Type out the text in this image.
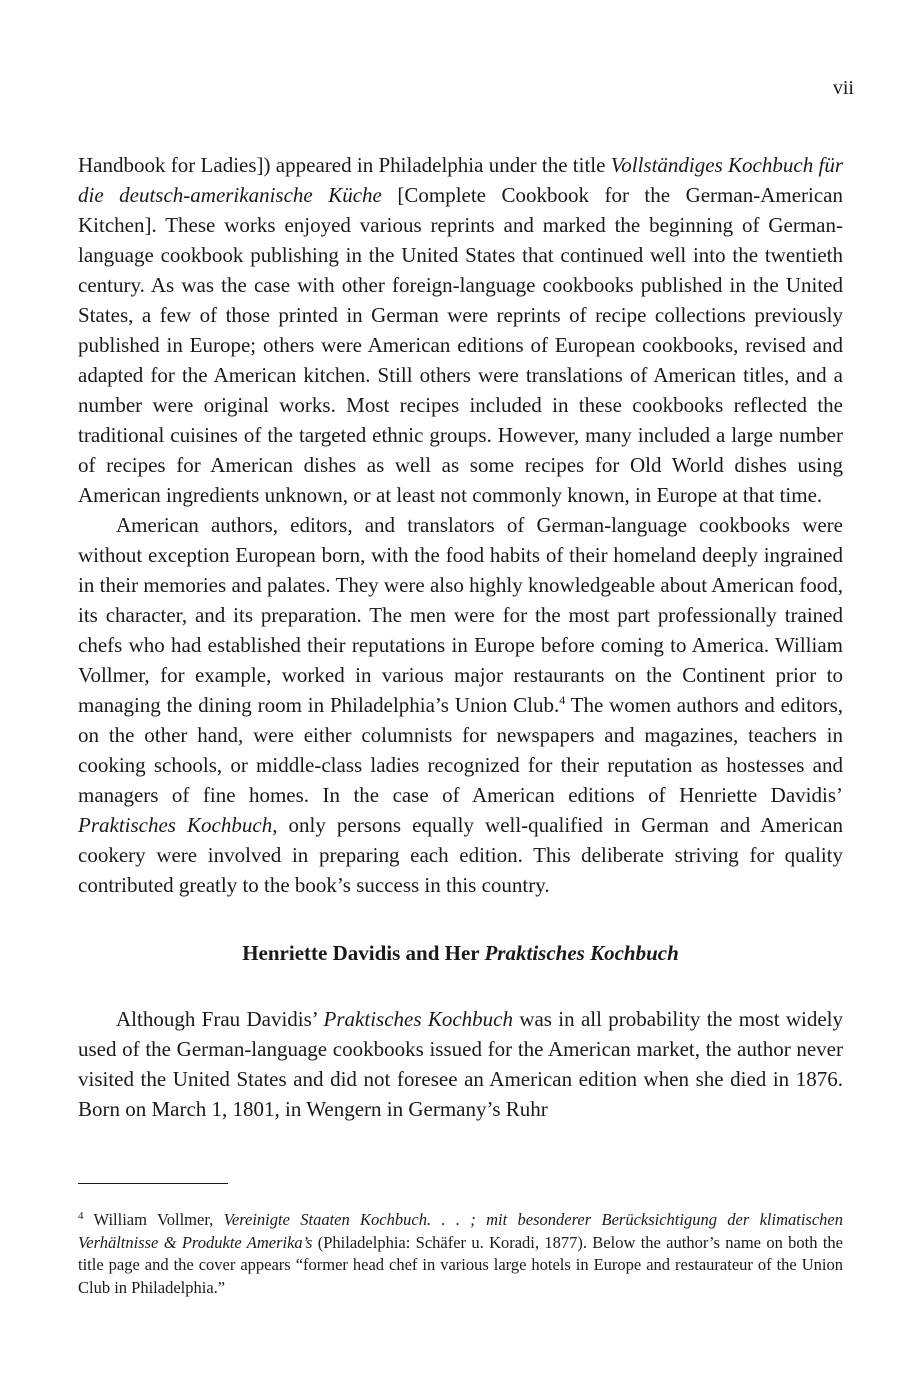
vii

Handbook for Ladies]) appeared in Philadelphia under the title Vollständiges Kochbuch für die deutsch-amerikanische Küche [Complete Cookbook for the German-American Kitchen]. These works enjoyed various reprints and marked the beginning of German-language cookbook publishing in the United States that continued well into the twentieth century. As was the case with other foreign-language cookbooks published in the United States, a few of those printed in German were reprints of recipe collections previously published in Europe; others were American editions of European cookbooks, revised and adapted for the American kitchen. Still others were translations of American titles, and a number were original works. Most recipes included in these cookbooks reflected the traditional cuisines of the targeted ethnic groups. However, many included a large number of recipes for American dishes as well as some recipes for Old World dishes using American ingredients unknown, or at least not commonly known, in Europe at that time.

American authors, editors, and translators of German-language cookbooks were without exception European born, with the food habits of their homeland deeply ingrained in their memories and palates. They were also highly knowledgeable about American food, its character, and its preparation. The men were for the most part professionally trained chefs who had established their reputations in Europe before coming to America. William Vollmer, for example, worked in various major restaurants on the Continent prior to managing the dining room in Philadelphia’s Union Club.$^4$ The women authors and editors, on the other hand, were either columnists for newspapers and magazines, teachers in cooking schools, or middle-class ladies recognized for their reputation as hostesses and managers of fine homes. In the case of American editions of Henriette Davidis’ Praktisches Kochbuch, only persons equally well-qualified in German and American cookery were involved in preparing each edition. This deliberate striving for quality contributed greatly to the book’s success in this country.

Henriette Davidis and Her Praktisches Kochbuch

Although Frau Davidis’ Praktisches Kochbuch was in all probability the most widely used of the German-language cookbooks issued for the American market, the author never visited the United States and did not foresee an American edition when she died in 1876. Born on March 1, 1801, in Wengern in Germany’s Ruhr

$^4$ William Vollmer, Vereinigte Staaten Kochbuch. . . ; mit besonderer Berücksichtigung der klimatischen Verhältnisse & Produkte Amerika’s (Philadelphia: Schäfer u. Koradi, 1877). Below the author’s name on both the title page and the cover appears “former head chef in various large hotels in Europe and restaurateur of the Union Club in Philadelphia.”
